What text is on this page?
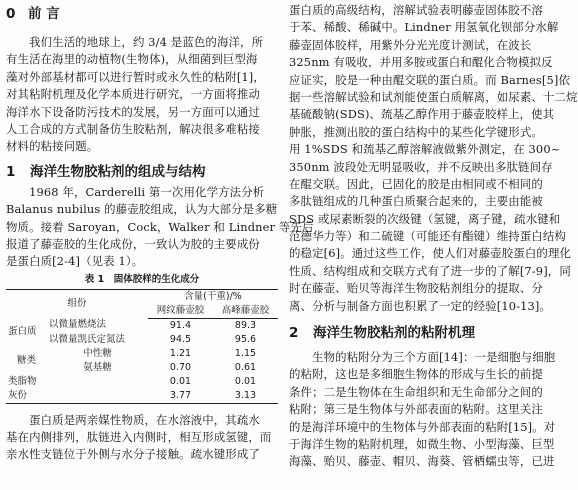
0 前 言
　　我们生活的地球上，约 3/4 是蓝色的海洋，所
有生活在海里的动植物(生物体)，从细菌到巨型海
藻对外部基材都可以进行暂时或永久性的粘附[1]，
对其粘附机理及化学本质进行研究，一方面将推动
海洋水下设备防污技术的发展，另一方面可以通过
人工合成的方式制备仿生胶粘剂，解决很多难粘接
材料的粘接问题。
1 海洋生物胶粘剂的组成与结构
　　1968 年，Carderelli 第一次用化学方法分析
Balanus nubilus 的藤壶胶组成，认为大部分是多糖
物质。接着 Saroyan，Cock，Walker 和 Lindner 等先后
报道了藤壶胶的生化成份，一致认为胶的主要成份
是蛋白质[2-4]（见表 1）。
表 1　固体胶样的生化成分
组份		含量(干重)/%	
		网纹藤壶胶	高峰藤壶胶
蛋白质	以微量燃烧法	91.4	89.3
	以微量凯氏定氮法	94.5	95.6
糖类	中性糖	1.21	1.15
	氨基糖	0.70	0.61
类脂物		0.01	0.01
灰份		3.77	3.13
　　蛋白质是两亲媒性物质，在水溶液中，其疏水
基在内侧排列，肽链进入内侧时，相互形成氢键，而
亲水性支链位于外侧与水分子接触。疏水键形成了
蛋白质的高级结构，溶解试验表明藤壶固体胶不溶
于苯、稀酸、稀碱中。Lindner 用氢氧化钡部分水解
藤壶固体胶样，用紫外分光光度计测试，在波长
325nm 有吸收，并用多胺或蛋白和醌化合物模拟反
应证实，胶是一种由醌交联的蛋白质。而 Barnes[5]依
据一些溶解试验和试剂能使蛋白质解离，如尿素、十二烷
基硫酸钠(SDS)、巯基乙醇作用于藤壶胶样上，使其
肿胀，推测出胶的蛋白结构中的某些化学键形式。
用 1%SDS 和巯基乙醇溶解液做紫外测定，在 300~
350nm 波段处无明显吸收，并不反映出多肽链间存
在醌交联。因此，已固化的胶是由相同或不相同的
多肽链组成的几种蛋白质聚合起来的，主要由能被
SDS 或尿素断裂的次级键（氢键，离子键，疏水键和
范德华力等）和二硫键（可能还有酯键）维持蛋白结构
的稳定[6]。通过这些工作，使人们对藤壶胶蛋白的理化
性质、结构组成和交联方式有了进一步的了解[7-9]，同
时在藤壶、贻贝等海洋生物胶粘剂组分的提取、分
离、分析与制备方面也积累了一定的经验[10-13]。
2 海洋生物胶粘剂的粘附机理
　　生物的粘附分为三个方面[14]：一是细胞与细胞
的粘附，这也是多细胞生物体的形成与生长的前提
条件；二是生物体在生命组织和无生命部分之间的
粘附；第三是生物体与外部表面的粘附。这里关注
的是海洋环境中的生物体与外部表面的粘附[15]。对
于海洋生物的粘附机理，如微生物、小型海藻、巨型
海藻、贻贝、藤壶、帽贝、海葵、管栖蠕虫等，已进
